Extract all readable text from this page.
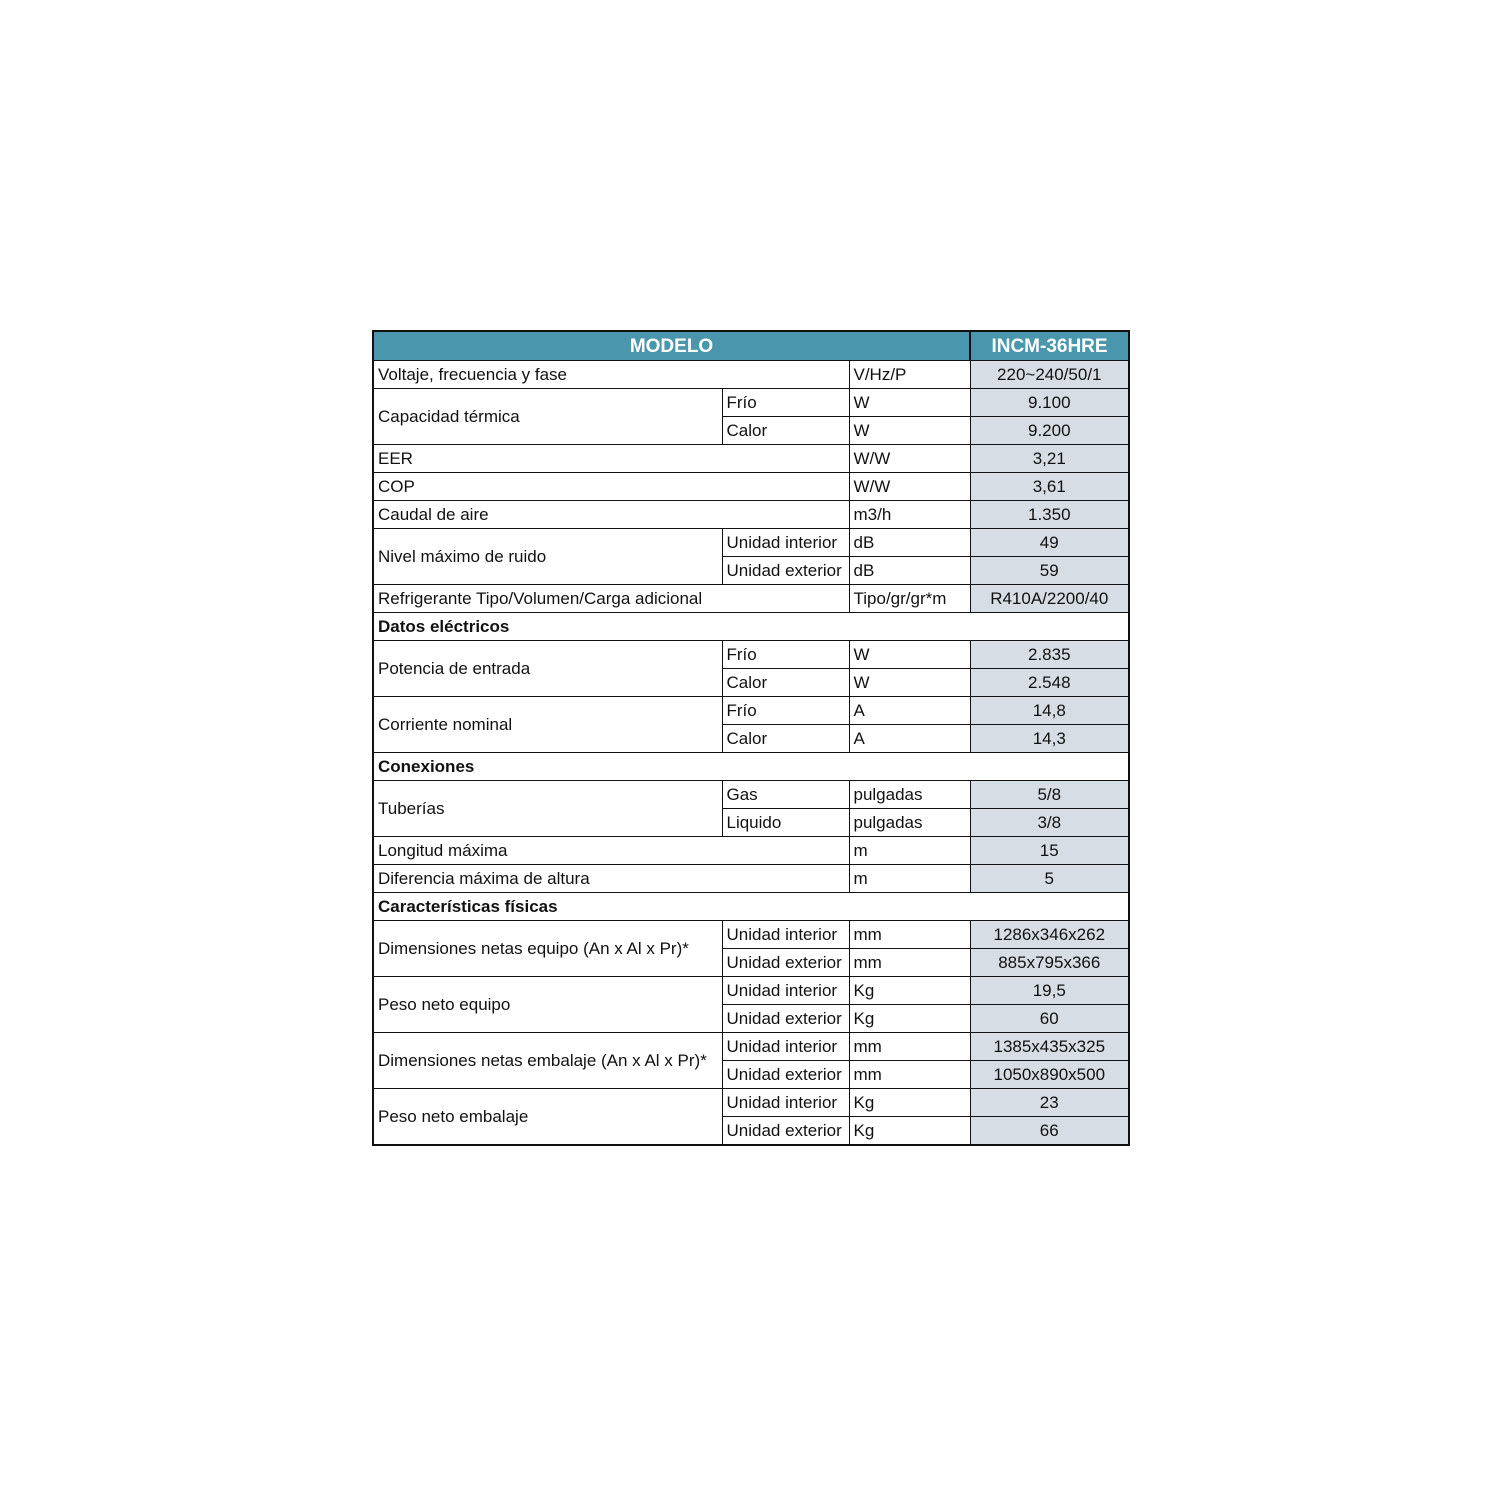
MODELO			INCM-36HRE
Voltaje, frecuencia y fase		V/Hz/P	220~240/50/1
Capacidad térmica	Frío	W	9.100
	Calor	W	9.200
EER		W/W	3,21
COP		W/W	3,61
Caudal de aire		m3/h	1.350
Nivel máximo de ruido	Unidad interior	dB	49
	Unidad exterior	dB	59
Refrigerante Tipo/Volumen/Carga adicional		Tipo/gr/gr*m	R410A/2200/40
Datos eléctricos			
Potencia de entrada	Frío	W	2.835
	Calor	W	2.548
Corriente nominal	Frío	A	14,8
	Calor	A	14,3
Conexiones			
Tuberías	Gas	pulgadas	5/8
	Liquido	pulgadas	3/8
Longitud máxima		m	15
Diferencia máxima de altura		m	5
Características físicas			
Dimensiones netas equipo (An x Al x Pr)*	Unidad interior	mm	1286x346x262
	Unidad exterior	mm	885x795x366
Peso neto equipo	Unidad interior	Kg	19,5
	Unidad exterior	Kg	60
Dimensiones netas embalaje (An x Al x Pr)*	Unidad interior	mm	1385x435x325
	Unidad exterior	mm	1050x890x500
Peso neto embalaje	Unidad interior	Kg	23
	Unidad exterior	Kg	66
